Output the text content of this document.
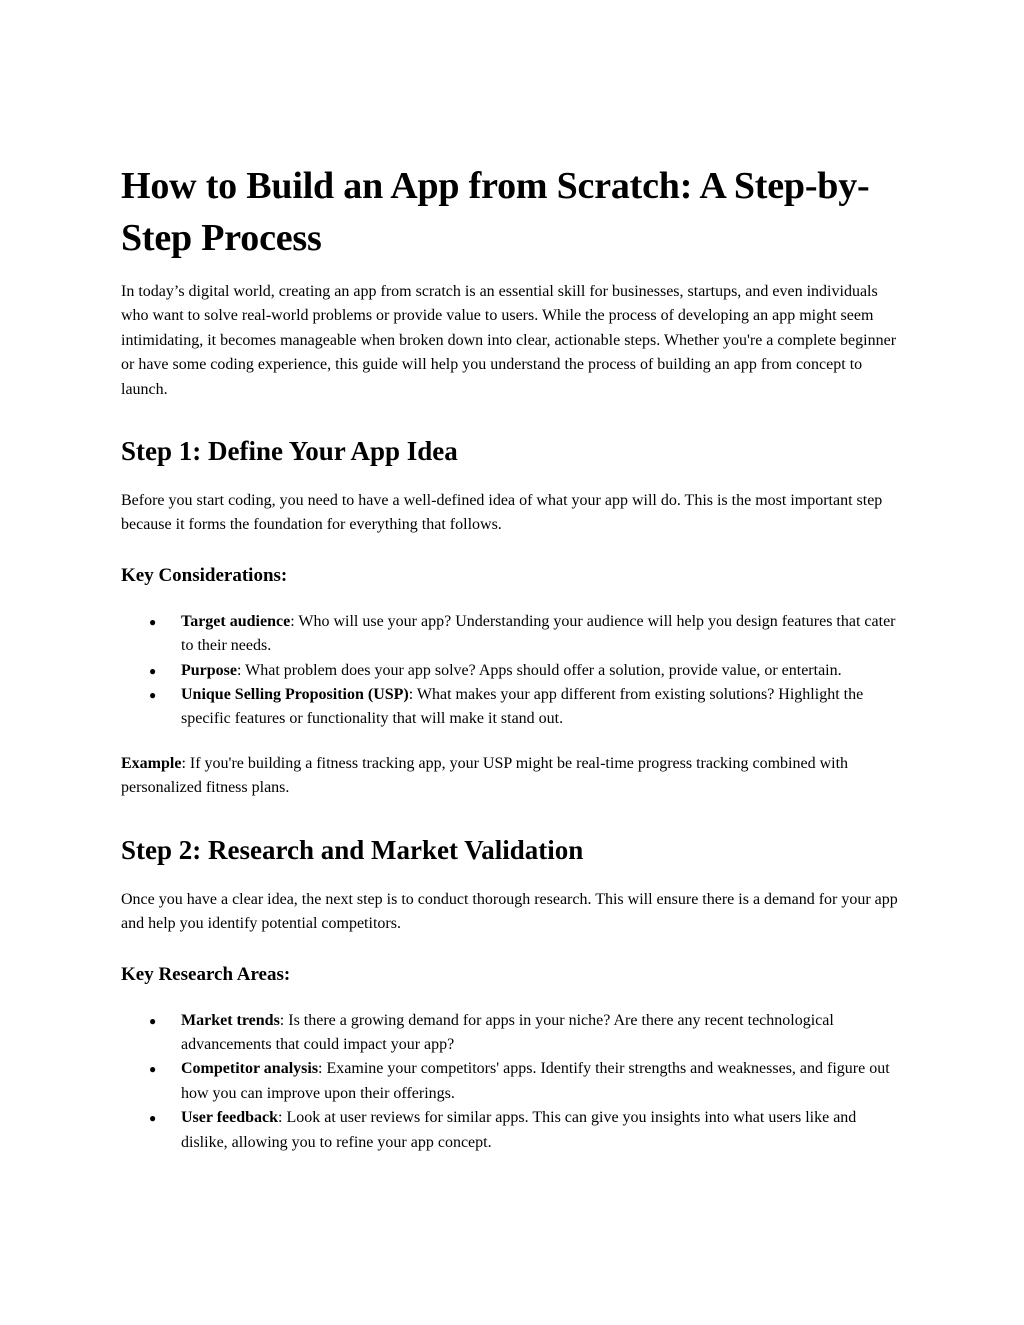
How to Build an App from Scratch: A Step-by-Step Process

In today’s digital world, creating an app from scratch is an essential skill for businesses, startups, and even individuals who want to solve real-world problems or provide value to users. While the process of developing an app might seem intimidating, it becomes manageable when broken down into clear, actionable steps. Whether you're a complete beginner or have some coding experience, this guide will help you understand the process of building an app from concept to launch.

Step 1: Define Your App Idea

Before you start coding, you need to have a well-defined idea of what your app will do. This is the most important step because it forms the foundation for everything that follows.

Key Considerations:
● Target audience: Who will use your app? Understanding your audience will help you design features that cater to their needs.
● Purpose: What problem does your app solve? Apps should offer a solution, provide value, or entertain.
● Unique Selling Proposition (USP): What makes your app different from existing solutions? Highlight the specific features or functionality that will make it stand out.

Example: If you're building a fitness tracking app, your USP might be real-time progress tracking combined with personalized fitness plans.

Step 2: Research and Market Validation

Once you have a clear idea, the next step is to conduct thorough research. This will ensure there is a demand for your app and help you identify potential competitors.

Key Research Areas:
● Market trends: Is there a growing demand for apps in your niche? Are there any recent technological advancements that could impact your app?
● Competitor analysis: Examine your competitors' apps. Identify their strengths and weaknesses, and figure out how you can improve upon their offerings.
● User feedback: Look at user reviews for similar apps. This can give you insights into what users like and dislike, allowing you to refine your app concept.
